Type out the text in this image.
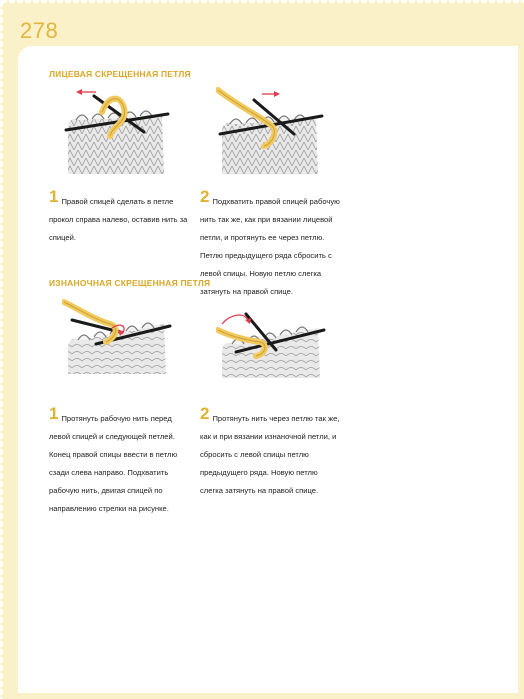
278
ЛИЦЕВАЯ СКРЕЩЕННАЯ ПЕТЛЯ
1 Правой спицей сделать в петле прокол справа налево, оставив нить за спицей.
2 Подхватить правой спицей рабочую нить так же, как при вязании лицевой петли, и протянуть ее через петлю. Петлю предыдущего ряда сбросить с левой спицы. Новую петлю слегка затянуть на правой спице.
ИЗНАНОЧНАЯ СКРЕЩЕННАЯ ПЕТЛЯ
1 Протянуть рабочую нить перед левой спицей и следующей петлей. Конец правой спицы ввести в петлю сзади слева направо. Подхватить рабочую нить, двигая спицей по направлению стрелки на рисунке.
2 Протянуть нить через петлю так же, как и при вязании изнаночной петли, и сбросить с левой спицы петлю предыдущего ряда. Новую петлю слегка затянуть на правой спице.
